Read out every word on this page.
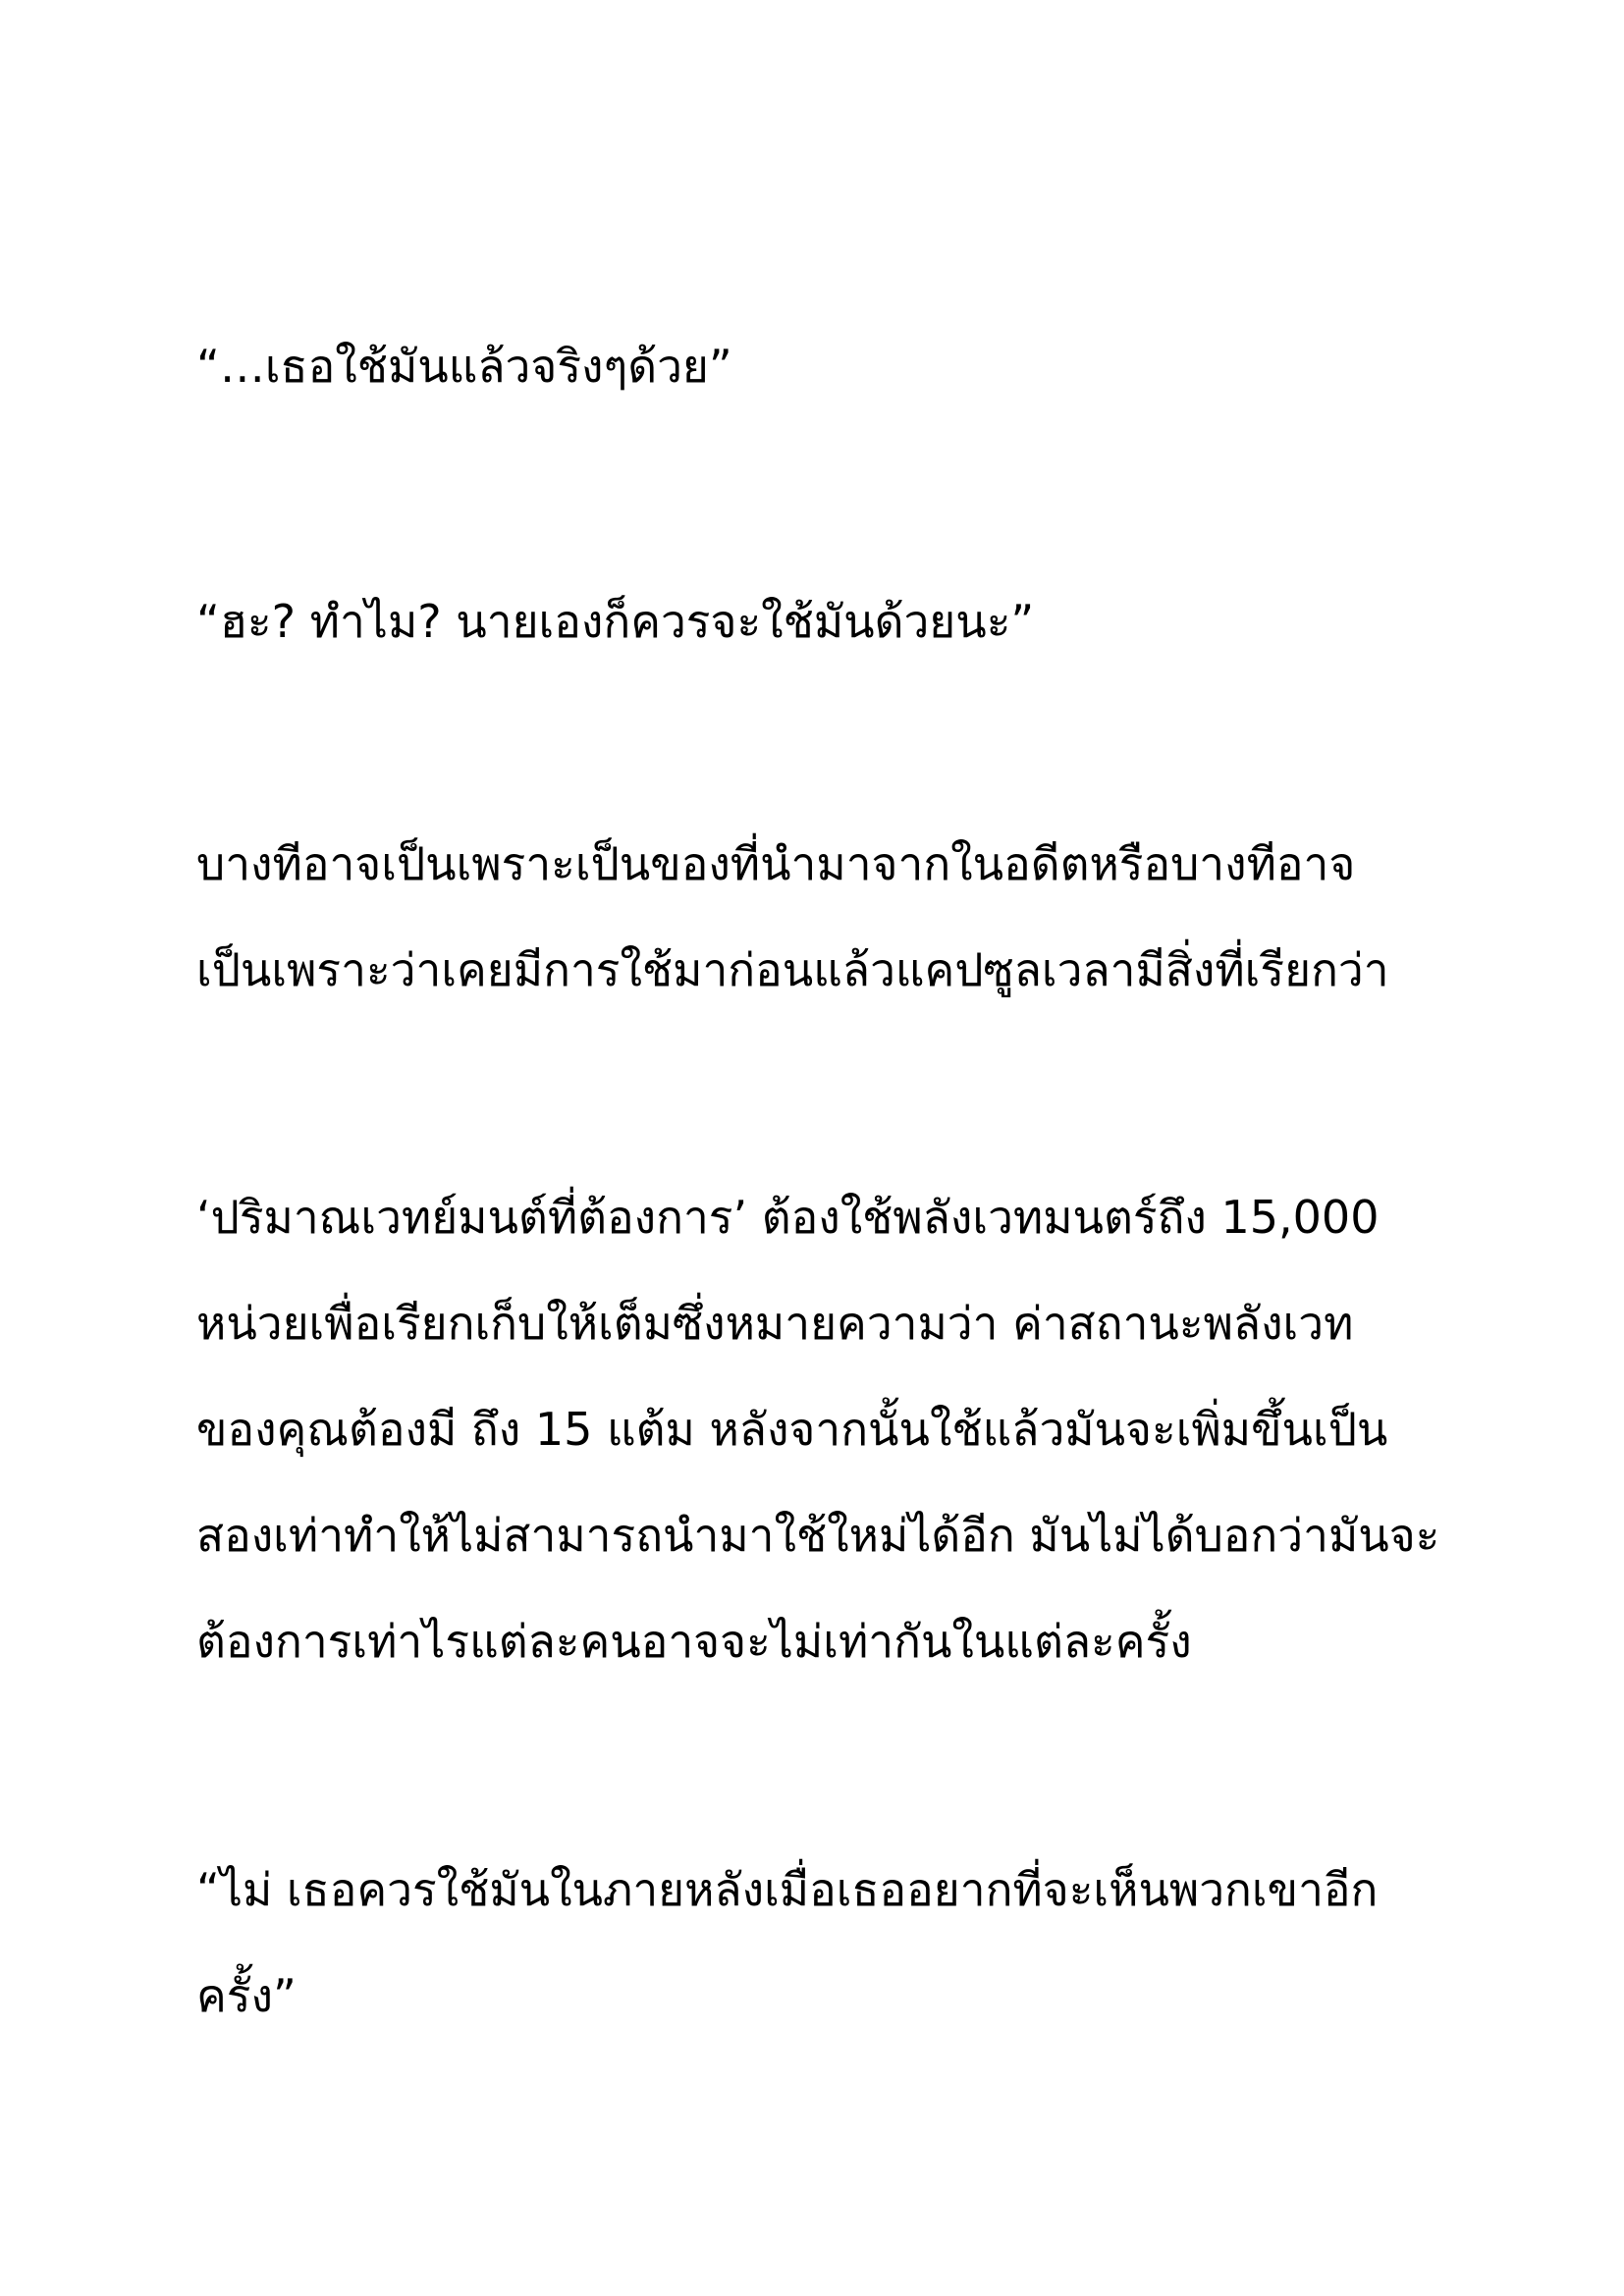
“…เธอใช้มันแล้วจริงๆด้วย”
“ฮะ? ทำไม? นายเองก็ควรจะใช้มันด้วยนะ”
บางทีอาจเป็นเพราะเป็นของที่นำมาจากในอดีตหรือบางทีอาจ
เป็นเพราะว่าเคยมีการใช้มาก่อนแล้วแคปซูลเวลามีสิ่งที่เรียกว่า
‘ปริมาณเวทย์มนต์ที่ต้องการ’ ต้องใช้พลังเวทมนตร์ถึง 15,000
หน่วยเพื่อเรียกเก็บให้เต็มซึ่งหมายความว่า ค่าสถานะพลังเวท
ของคุณต้องมี ถึง 15 แต้ม หลังจากนั้นใช้แล้วมันจะเพิ่มขึ้นเป็น
สองเท่าทำให้ไม่สามารถนำมาใช้ใหม่ได้อีก มันไม่ได้บอกว่ามันจะ
ต้องการเท่าไรแต่ละคนอาจจะไม่เท่ากันในแต่ละครั้ง
“ไม่ เธอควรใช้มันในภายหลังเมื่อเธออยากที่จะเห็นพวกเขาอีก
ครั้ง”
